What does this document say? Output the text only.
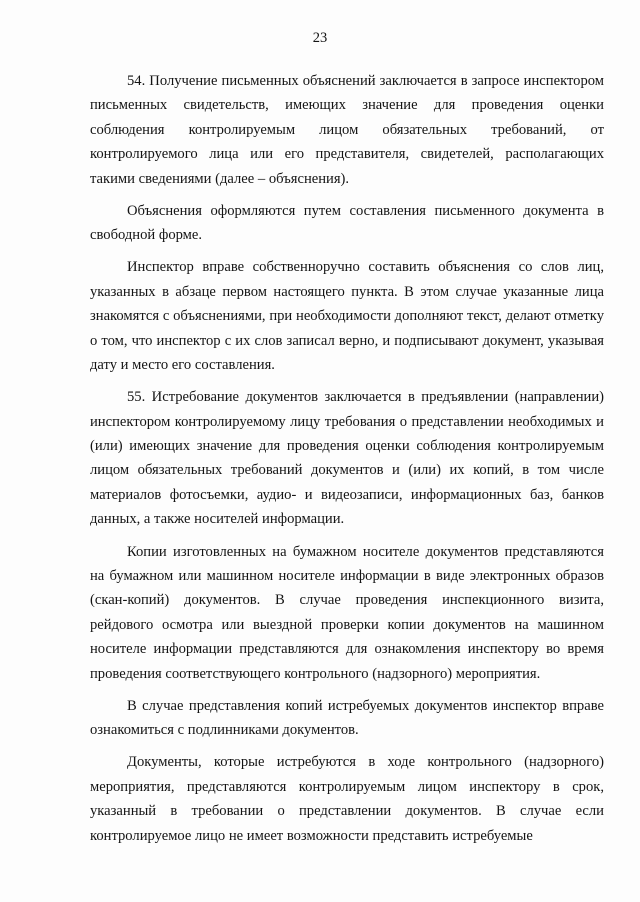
23

54. Получение письменных объяснений заключается в запросе инспектором письменных свидетельств, имеющих значение для проведения оценки соблюдения контролируемым лицом обязательных требований, от контролируемого лица или его представителя, свидетелей, располагающих такими сведениями (далее – объяснения).

Объяснения оформляются путем составления письменного документа в свободной форме.

Инспектор вправе собственноручно составить объяснения со слов лиц, указанных в абзаце первом настоящего пункта. В этом случае указанные лица знакомятся с объяснениями, при необходимости дополняют текст, делают отметку о том, что инспектор с их слов записал верно, и подписывают документ, указывая дату и место его составления.

55. Истребование документов заключается в предъявлении (направлении) инспектором контролируемому лицу требования о представлении необходимых и (или) имеющих значение для проведения оценки соблюдения контролируемым лицом обязательных требований документов и (или) их копий, в том числе материалов фотосъемки, аудио- и видеозаписи, информационных баз, банков данных, а также носителей информации.

Копии изготовленных на бумажном носителе документов представляются на бумажном или машинном носителе информации в виде электронных образов (скан-копий) документов. В случае проведения инспекционного визита, рейдового осмотра или выездной проверки копии документов на машинном носителе информации представляются для ознакомления инспектору во время проведения соответствующего контрольного (надзорного) мероприятия.

В случае представления копий истребуемых документов инспектор вправе ознакомиться с подлинниками документов.

Документы, которые истребуются в ходе контрольного (надзорного) мероприятия, представляются контролируемым лицом инспектору в срок, указанный в требовании о представлении документов. В случае если контролируемое лицо не имеет возможности представить истребуемые
